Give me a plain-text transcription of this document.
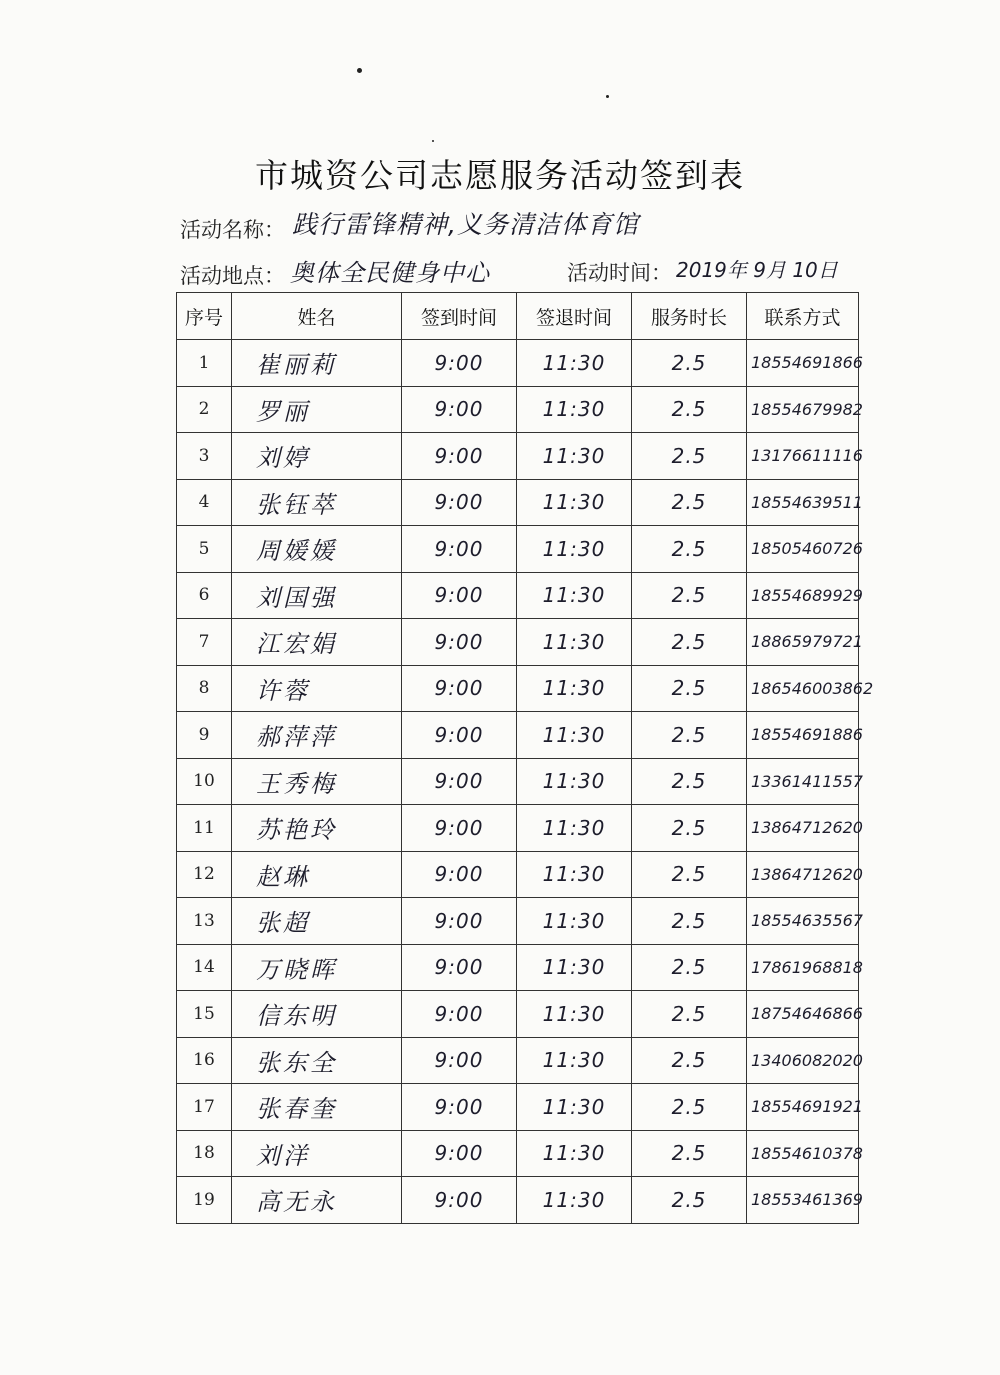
市城资公司志愿服务活动签到表
活动名称： 践行雷锋精神,义务清洁体育馆
活动地点： 奥体全民健身中心	活动时间： 2019年 9月 10日
序号	姓名	签到时间	签退时间	服务时长	联系方式
1	崔丽莉	9:00	11:30	2.5	18554691866
2	罗丽	9:00	11:30	2.5	18554679982
3	刘婷	9:00	11:30	2.5	13176611116
4	张钰萃	9:00	11:30	2.5	18554639511
5	周媛媛	9:00	11:30	2.5	18505460726
6	刘国强	9:00	11:30	2.5	18554689929
7	江宏娟	9:00	11:30	2.5	18865979721
8	许蓉	9:00	11:30	2.5	186546003862
9	郝萍萍	9:00	11:30	2.5	18554691886
10	王秀梅	9:00	11:30	2.5	13361411557
11	苏艳玲	9:00	11:30	2.5	13864712620
12	赵琳	9:00	11:30	2.5	13864712620
13	张超	9:00	11:30	2.5	18554635567
14	万晓晖	9:00	11:30	2.5	17861968818
15	信东明	9:00	11:30	2.5	18754646866
16	张东全	9:00	11:30	2.5	13406082020
17	张春奎	9:00	11:30	2.5	18554691921
18	刘洋	9:00	11:30	2.5	18554610378
19	高无永	9:00	11:30	2.5	18553461369
